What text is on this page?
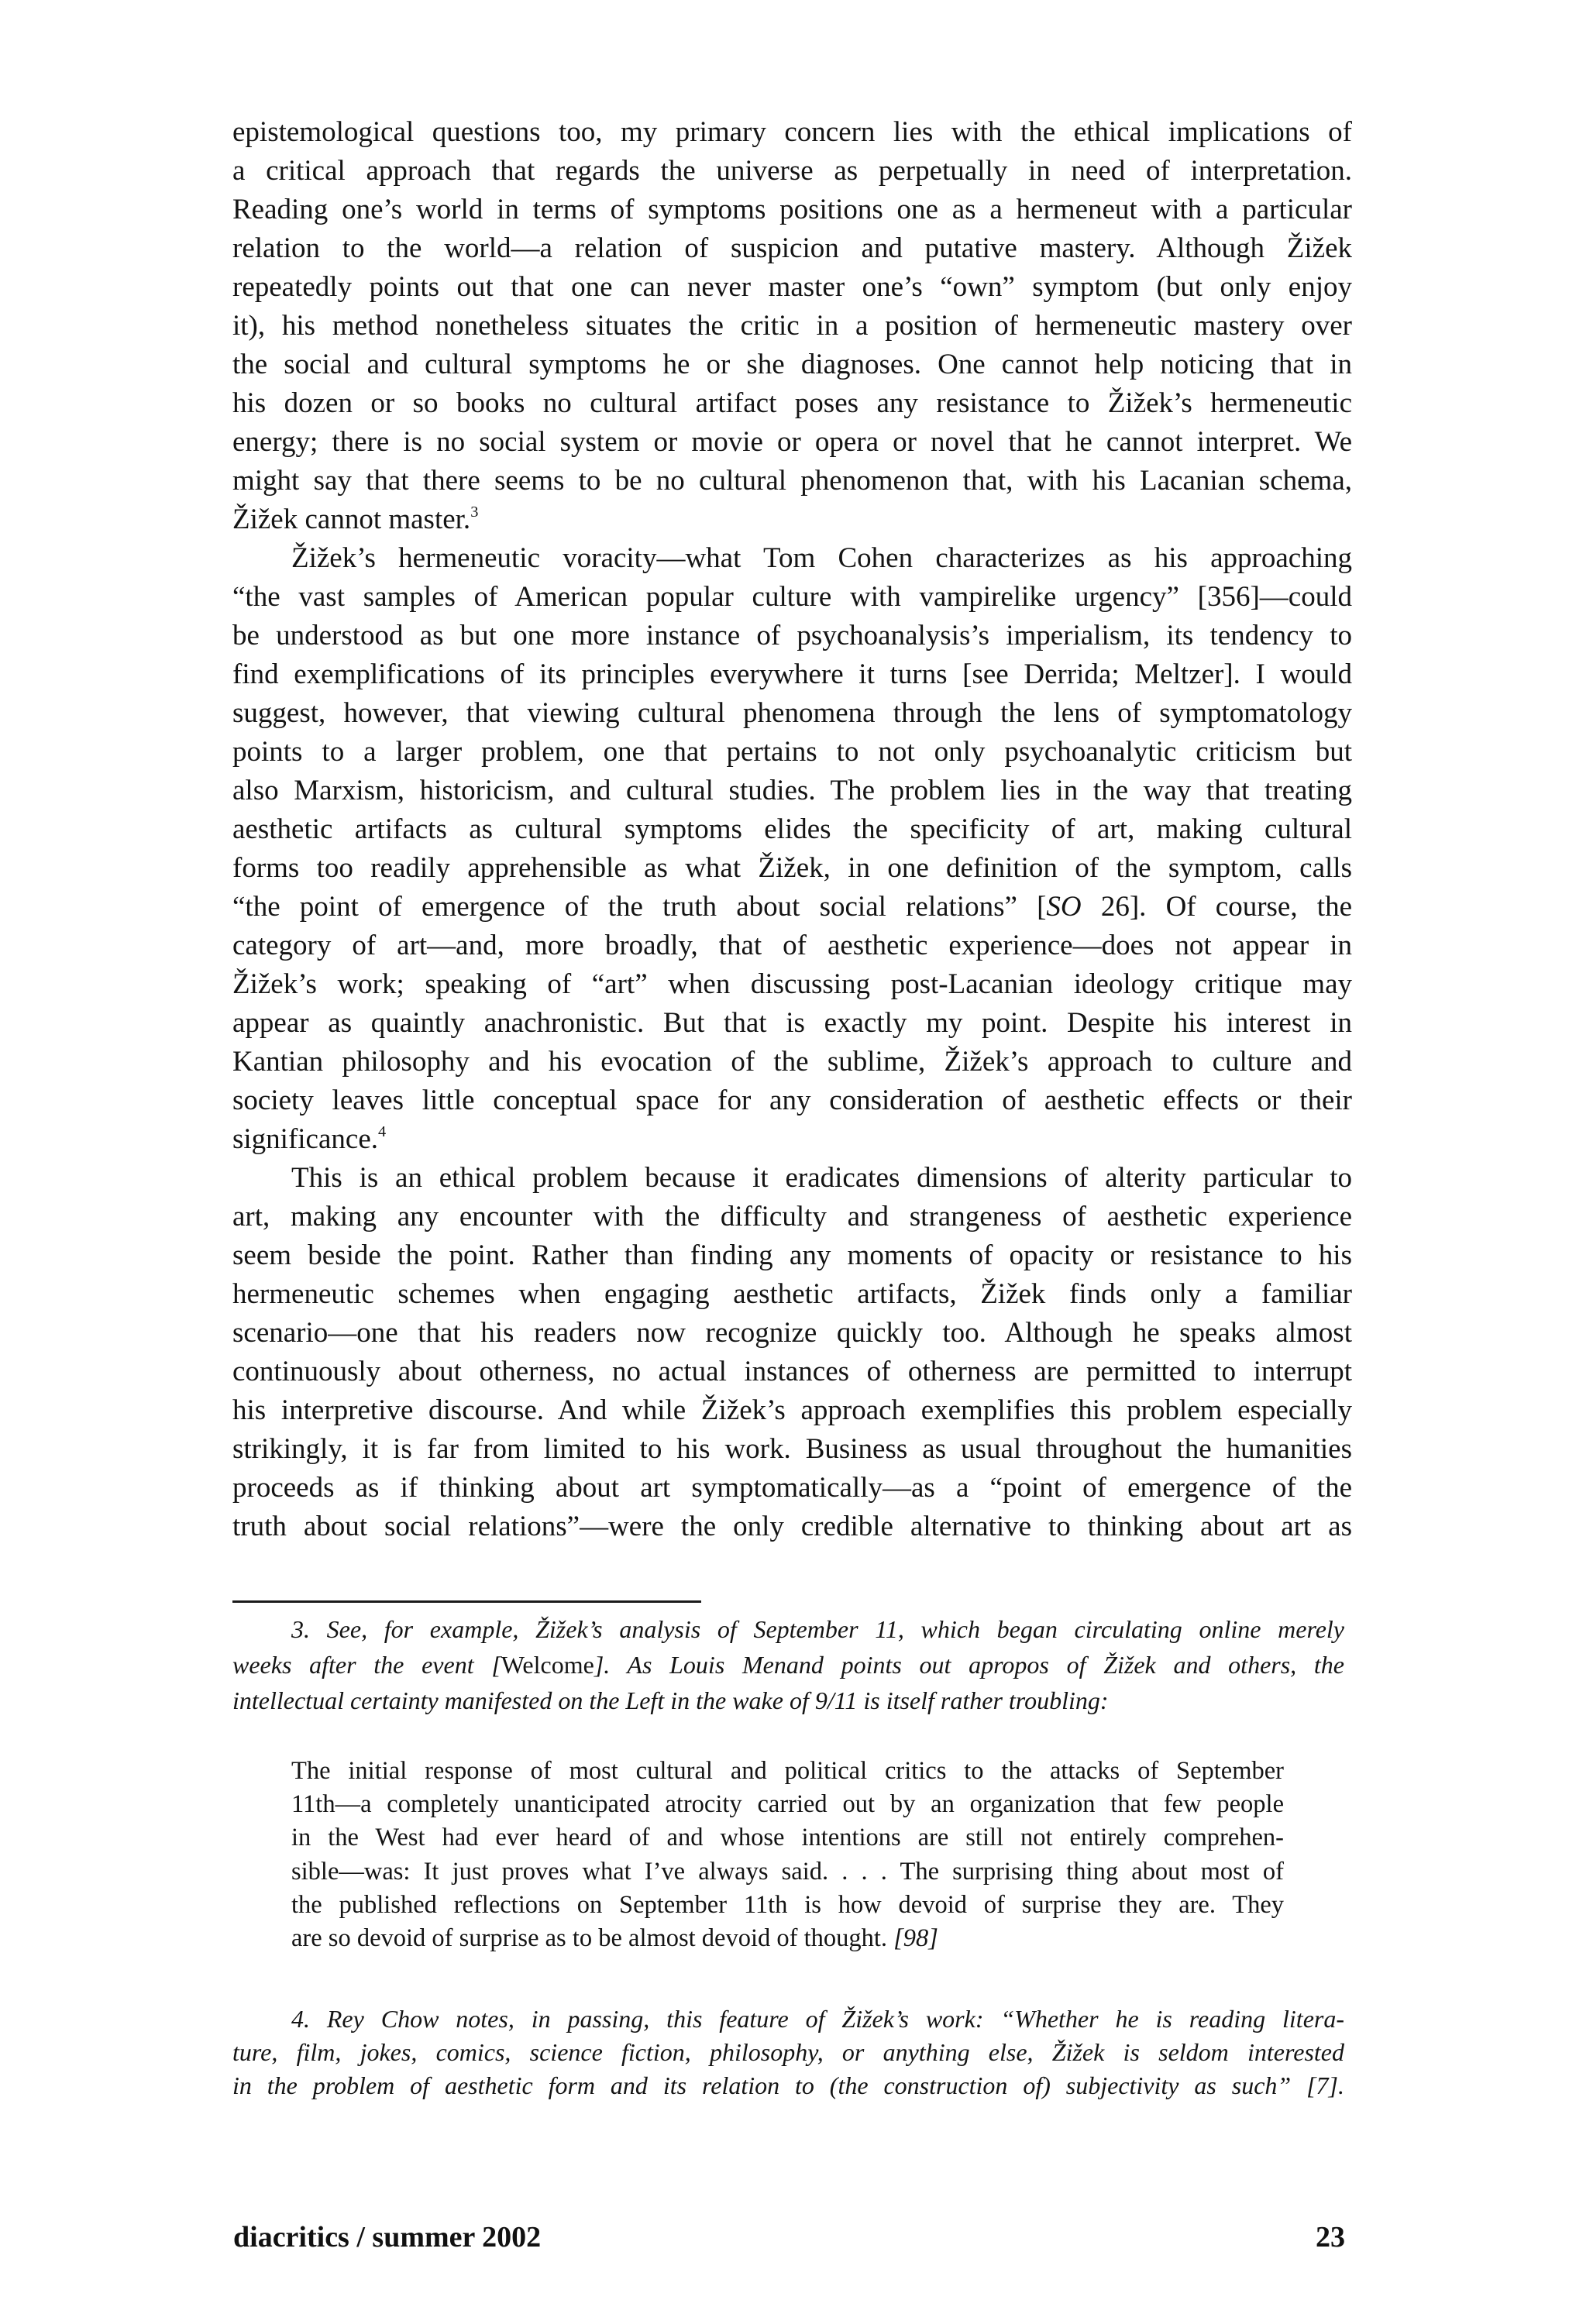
epistemological questions too, my primary concern lies with the ethical implications of
a critical approach that regards the universe as perpetually in need of interpretation.
Reading one’s world in terms of symptoms positions one as a hermeneut with a particular
relation to the world—a relation of suspicion and putative mastery. Although Žižek
repeatedly points out that one can never master one’s “own” symptom (but only enjoy
it), his method nonetheless situates the critic in a position of hermeneutic mastery over
the social and cultural symptoms he or she diagnoses. One cannot help noticing that in
his dozen or so books no cultural artifact poses any resistance to Žižek’s hermeneutic
energy; there is no social system or movie or opera or novel that he cannot interpret. We
might say that there seems to be no cultural phenomenon that, with his Lacanian schema,
Žižek cannot master.$^3$
Žižek’s hermeneutic voracity—what Tom Cohen characterizes as his approaching
“the vast samples of American popular culture with vampirelike urgency” [356]—could
be understood as but one more instance of psychoanalysis’s imperialism, its tendency to
find exemplifications of its principles everywhere it turns [see Derrida; Meltzer]. I would
suggest, however, that viewing cultural phenomena through the lens of symptomatology
points to a larger problem, one that pertains to not only psychoanalytic criticism but
also Marxism, historicism, and cultural studies. The problem lies in the way that treating
aesthetic artifacts as cultural symptoms elides the specificity of art, making cultural
forms too readily apprehensible as what Žižek, in one definition of the symptom, calls
“the point of emergence of the truth about social relations” [SO 26]. Of course, the
category of art—and, more broadly, that of aesthetic experience—does not appear in
Žižek’s work; speaking of “art” when discussing post-Lacanian ideology critique may
appear as quaintly anachronistic. But that is exactly my point. Despite his interest in
Kantian philosophy and his evocation of the sublime, Žižek’s approach to culture and
society leaves little conceptual space for any consideration of aesthetic effects or their
significance.$^4$
This is an ethical problem because it eradicates dimensions of alterity particular to
art, making any encounter with the difficulty and strangeness of aesthetic experience
seem beside the point. Rather than finding any moments of opacity or resistance to his
hermeneutic schemes when engaging aesthetic artifacts, Žižek finds only a familiar
scenario—one that his readers now recognize quickly too. Although he speaks almost
continuously about otherness, no actual instances of otherness are permitted to interrupt
his interpretive discourse. And while Žižek’s approach exemplifies this problem especially
strikingly, it is far from limited to his work. Business as usual throughout the humanities
proceeds as if thinking about art symptomatically—as a “point of emergence of the
truth about social relations”—were the only credible alternative to thinking about art as
3. See, for example, Žižek’s analysis of September 11, which began circulating online merely
weeks after the event [Welcome]. As Louis Menand points out apropos of Žižek and others, the
intellectual certainty manifested on the Left in the wake of 9/11 is itself rather troubling:
The initial response of most cultural and political critics to the attacks of September
11th—a completely unanticipated atrocity carried out by an organization that few people
in the West had ever heard of and whose intentions are still not entirely comprehen-
sible—was: It just proves what I’ve always said. . . . The surprising thing about most of
the published reflections on September 11th is how devoid of surprise they are. They
are so devoid of surprise as to be almost devoid of thought. [98]
4. Rey Chow notes, in passing, this feature of Žižek’s work: “Whether he is reading litera-
ture, film, jokes, comics, science fiction, philosophy, or anything else, Žižek is seldom interested
in the problem of aesthetic form and its relation to (the construction of) subjectivity as such” [7].
diacritics / summer 2002	23
